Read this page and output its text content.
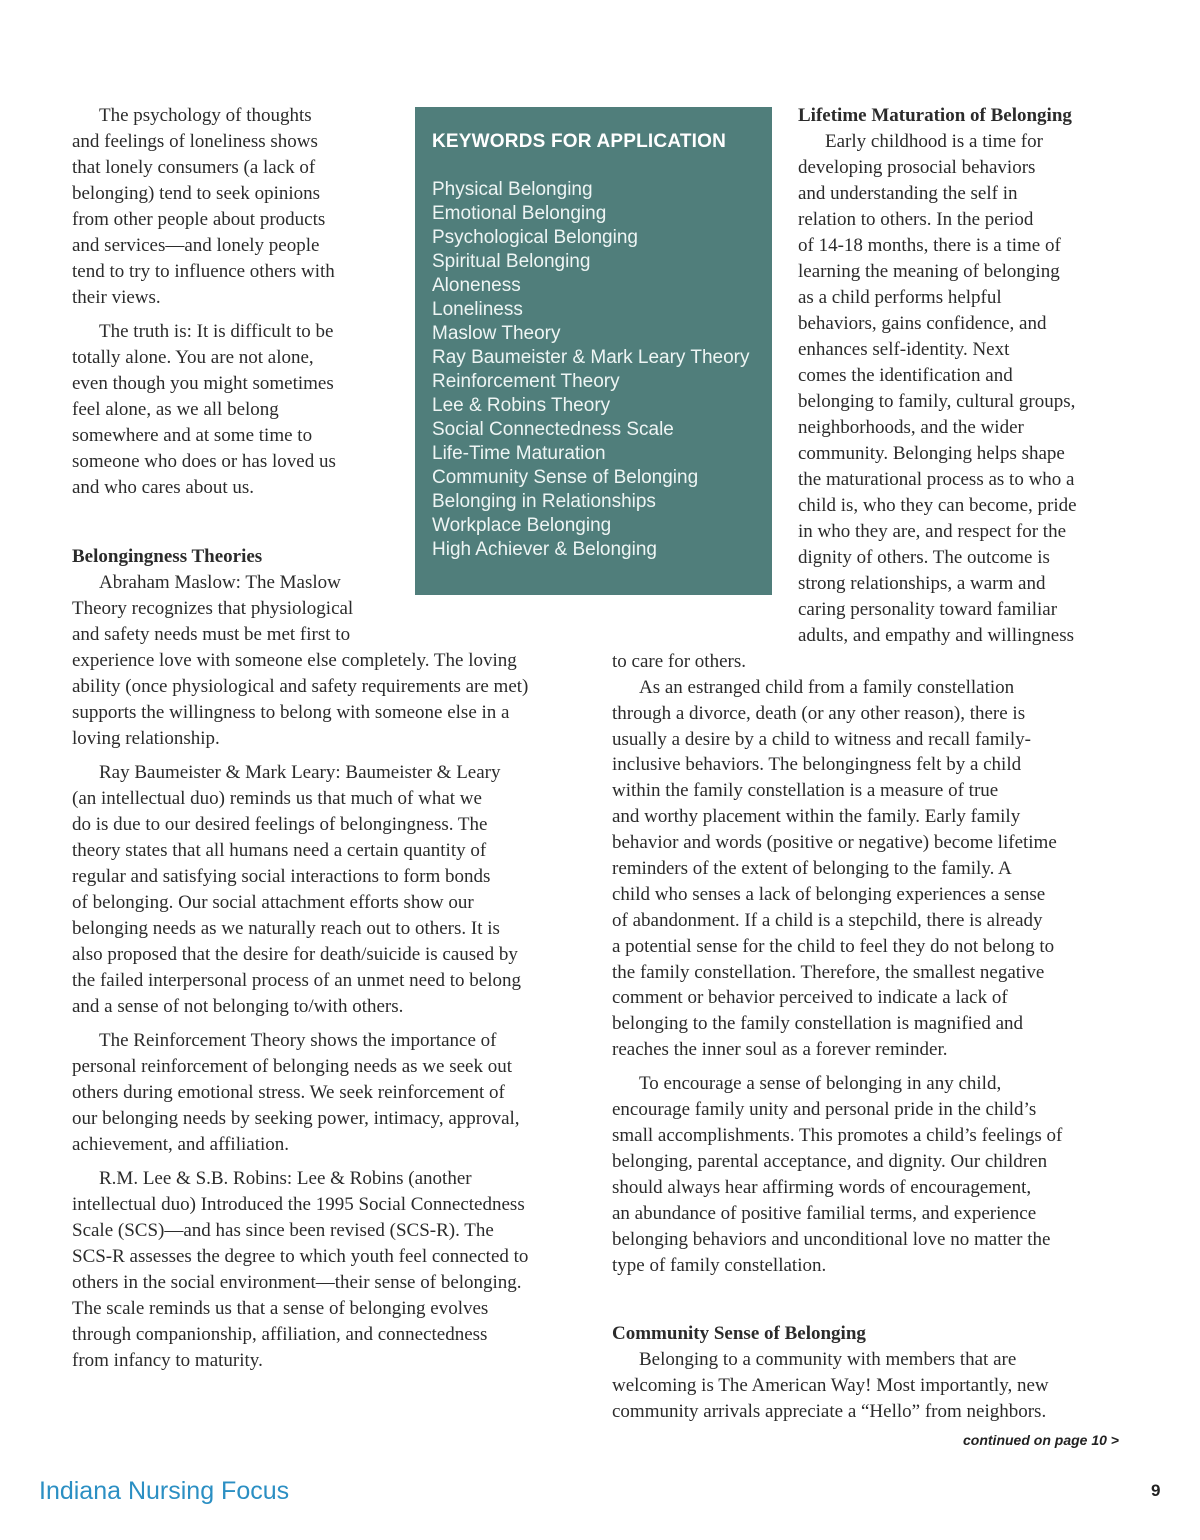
The psychology of thoughts
and feelings of loneliness shows
that lonely consumers (a lack of
belonging) tend to seek opinions
from other people about products
and services—and lonely people
tend to try to influence others with
their views.
The truth is: It is difficult to be
totally alone. You are not alone,
even though you might sometimes
feel alone, as we all belong
somewhere and at some time to
someone who does or has loved us
and who cares about us.
Belongingness Theories
Abraham Maslow: The Maslow
Theory recognizes that physiological
and safety needs must be met first to
experience love with someone else completely. The loving
ability (once physiological and safety requirements are met)
supports the willingness to belong with someone else in a
loving relationship.
Ray Baumeister & Mark Leary: Baumeister & Leary
(an intellectual duo) reminds us that much of what we
do is due to our desired feelings of belongingness. The
theory states that all humans need a certain quantity of
regular and satisfying social interactions to form bonds
of belonging. Our social attachment efforts show our
belonging needs as we naturally reach out to others. It is
also proposed that the desire for death/suicide is caused by
the failed interpersonal process of an unmet need to belong
and a sense of not belonging to/with others.
The Reinforcement Theory shows the importance of
personal reinforcement of belonging needs as we seek out
others during emotional stress. We seek reinforcement of
our belonging needs by seeking power, intimacy, approval,
achievement, and affiliation.
R.M. Lee & S.B. Robins: Lee & Robins (another
intellectual duo) Introduced the 1995 Social Connectedness
Scale (SCS)—and has since been revised (SCS-R). The
SCS-R assesses the degree to which youth feel connected to
others in the social environment—their sense of belonging.
The scale reminds us that a sense of belonging evolves
through companionship, affiliation, and connectedness
from infancy to maturity.
KEYWORDS FOR APPLICATION
Physical Belonging
Emotional Belonging
Psychological Belonging
Spiritual Belonging
Aloneness
Loneliness
Maslow Theory
Ray Baumeister & Mark Leary Theory
Reinforcement Theory
Lee & Robins Theory
Social Connectedness Scale
Life-Time Maturation
Community Sense of Belonging
Belonging in Relationships
Workplace Belonging
High Achiever & Belonging
Lifetime Maturation of Belonging
Early childhood is a time for
developing prosocial behaviors
and understanding the self in
relation to others. In the period
of 14-18 months, there is a time of
learning the meaning of belonging
as a child performs helpful
behaviors, gains confidence, and
enhances self-identity. Next
comes the identification and
belonging to family, cultural groups,
neighborhoods, and the wider
community. Belonging helps shape
the maturational process as to who a
child is, who they can become, pride
in who they are, and respect for the
dignity of others. The outcome is
strong relationships, a warm and
caring personality toward familiar
adults, and empathy and willingness
to care for others.
As an estranged child from a family constellation
through a divorce, death (or any other reason), there is
usually a desire by a child to witness and recall family-
inclusive behaviors. The belongingness felt by a child
within the family constellation is a measure of true
and worthy placement within the family. Early family
behavior and words (positive or negative) become lifetime
reminders of the extent of belonging to the family. A
child who senses a lack of belonging experiences a sense
of abandonment. If a child is a stepchild, there is already
a potential sense for the child to feel they do not belong to
the family constellation. Therefore, the smallest negative
comment or behavior perceived to indicate a lack of
belonging to the family constellation is magnified and
reaches the inner soul as a forever reminder.
To encourage a sense of belonging in any child,
encourage family unity and personal pride in the child’s
small accomplishments. This promotes a child’s feelings of
belonging, parental acceptance, and dignity. Our children
should always hear affirming words of encouragement,
an abundance of positive familial terms, and experience
belonging behaviors and unconditional love no matter the
type of family constellation.
Community Sense of Belonging
Belonging to a community with members that are
welcoming is The American Way! Most importantly, new
community arrivals appreciate a “Hello” from neighbors.
continued on page 10 >
Indiana Nursing Focus	9
